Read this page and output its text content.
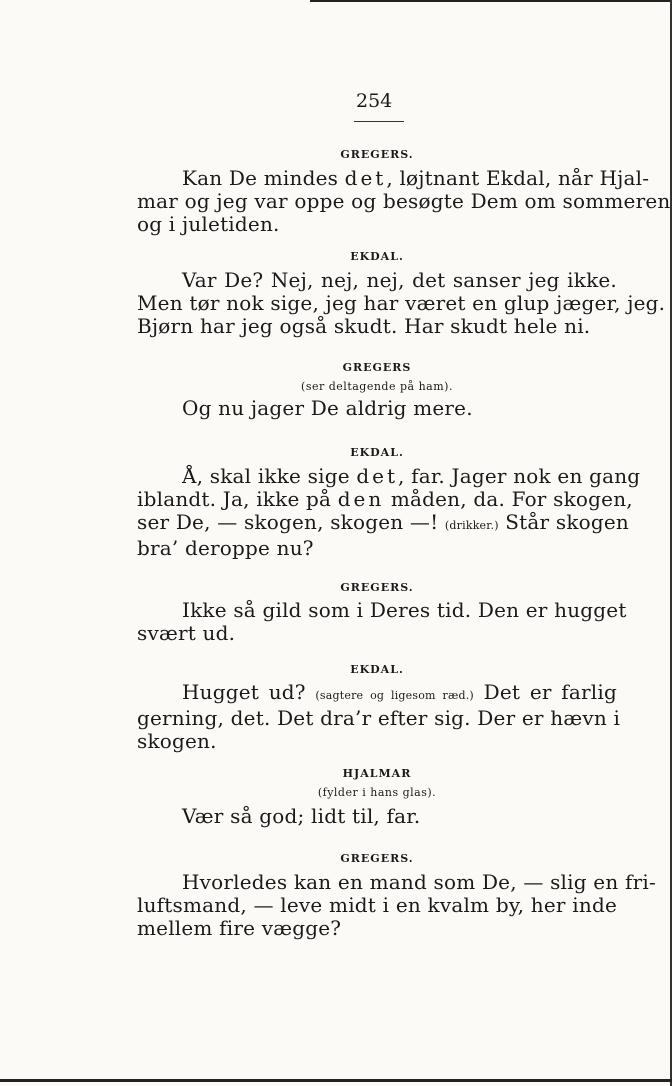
254
GREGERS.
Kan De mindes det, løjtnant Ekdal, når Hjal-
mar og jeg var oppe og besøgte Dem om sommeren
og i juletiden.
EKDAL.
Var De? Nej, nej, nej, det sanser jeg ikke.
Men tør nok sige, jeg har været en glup jæger, jeg.
Bjørn har jeg også skudt. Har skudt hele ni.
GREGERS
(ser deltagende på ham).
Og nu jager De aldrig mere.
EKDAL.
Å, skal ikke sige det, far. Jager nok en gang
iblandt. Ja, ikke på den måden, da. For skogen,
ser De, — skogen, skogen —! (drikker.) Står skogen
bra’ deroppe nu?
GREGERS.
Ikke så gild som i Deres tid. Den er hugget
svært ud.
EKDAL.
Hugget ud? (sagtere og ligesom ræd.) Det er farlig
gerning, det. Det dra’r efter sig. Der er hævn i
skogen.
HJALMAR
(fylder i hans glas).
Vær så god; lidt til, far.
GREGERS.
Hvorledes kan en mand som De, — slig en fri-
luftsmand, — leve midt i en kvalm by, her inde
mellem fire vægge?
